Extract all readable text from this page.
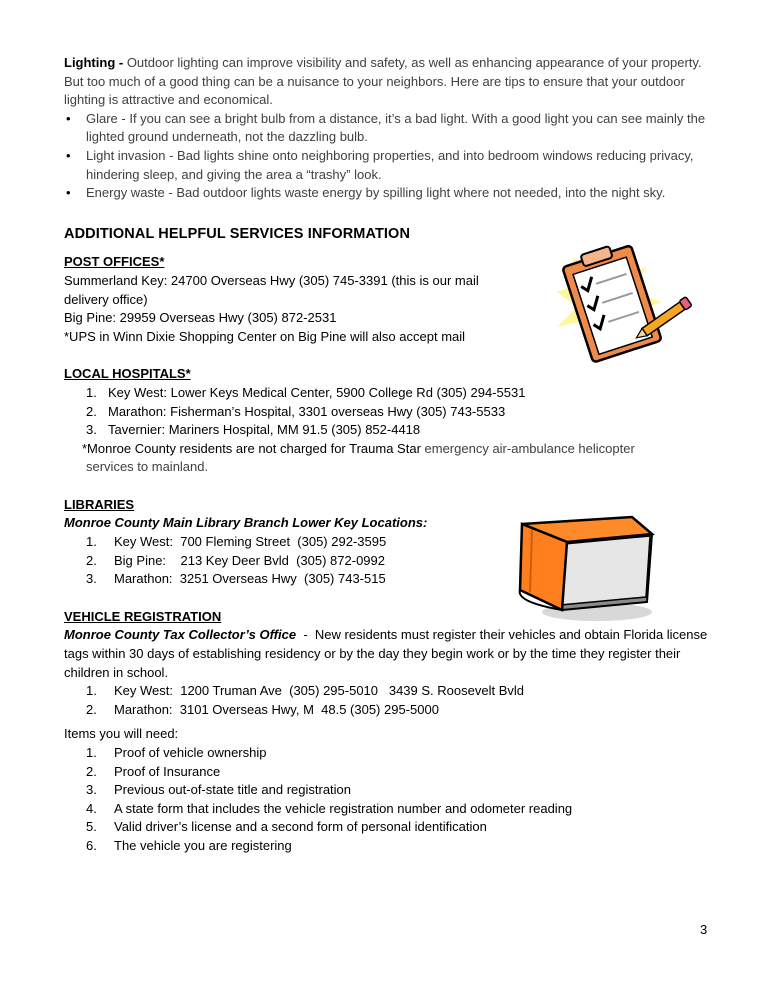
Lighting - Outdoor lighting can improve visibility and safety, as well as enhancing appearance of your property. But too much of a good thing can be a nuisance to your neighbors. Here are tips to ensure that your outdoor lighting is attractive and economical.

• Glare - If you can see a bright bulb from a distance, it’s a bad light. With a good light you can see mainly the lighted ground underneath, not the dazzling bulb.
• Light invasion - Bad lights shine onto neighboring properties, and into bedroom windows reducing privacy, hindering sleep, and giving the area a “trashy” look.
• Energy waste - Bad outdoor lights waste energy by spilling light where not needed, into the night sky.
ADDITIONAL HELPFUL SERVICES INFORMATION

POST OFFICES*

Summerland Key: 24700 Overseas Hwy (305) 745-3391 (this is our mail

delivery office)

Big Pine: 29959 Overseas Hwy (305) 872-2531

*UPS in Winn Dixie Shopping Center on Big Pine will also accept mail

LOCAL HOSPITALS*

1. Key West: Lower Keys Medical Center, 5900 College Rd (305) 294-5531
2. Marathon: Fisherman’s Hospital, 3301 overseas Hwy (305) 743-5533
3. Tavernier: Mariners Hospital, MM 91.5 (305) 852-4418

*Monroe County residents are not charged for Trauma Star emergency air-ambulance helicopter

services to mainland.

LIBRARIES

Monroe County Main Library Branch Lower Key Locations:

1.	Key West:  700 Fleming Street  (305) 292-3595
2.	Big Pine:    213 Key Deer Bvld  (305) 872-0992
3.	Marathon:  3251 Overseas Hwy  (305) 743-515

VEHICLE REGISTRATION

Monroe County Tax Collector’s Office  -  New residents must register their vehicles and obtain Florida license tags within 30 days of establishing residency or by the day they begin work or by the time they register their children in school.

1.	Key West:  1200 Truman Ave  (305) 295-5010   3439 S. Roosevelt Bvld
2.	Marathon:  3101 Overseas Hwy, M  48.5 (305) 295-5000

Items you will need:

1.	Proof of vehicle ownership
2.	Proof of Insurance
3.	Previous out-of-state title and registration
4.	A state form that includes the vehicle registration number and odometer reading
5.	Valid driver’s license and a second form of personal identification
6.	The vehicle you are registering
3
